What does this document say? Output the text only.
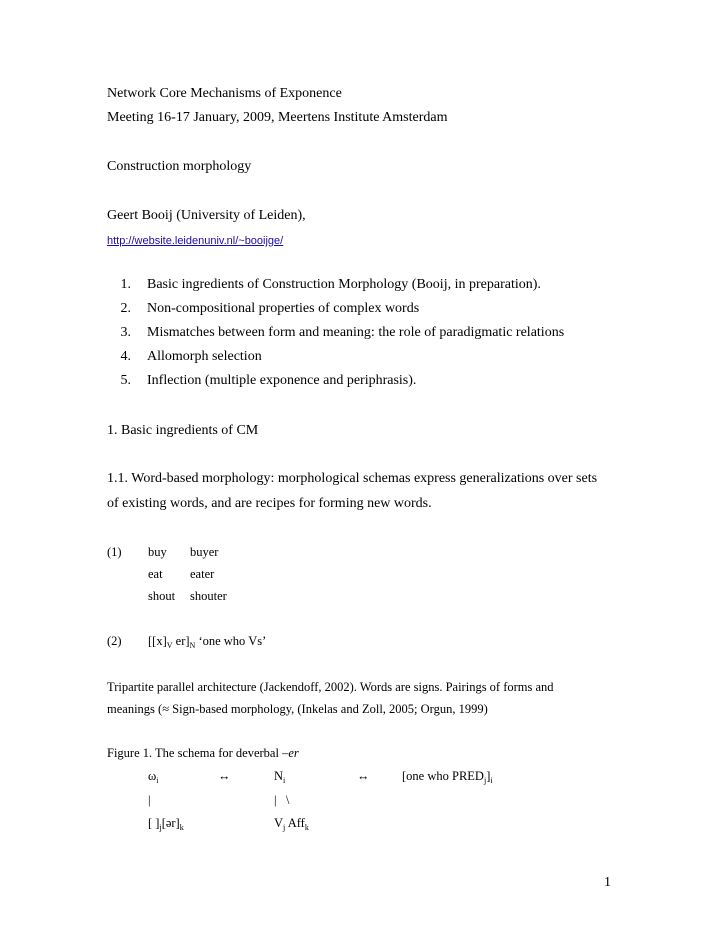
Network Core Mechanisms of Exponence
Meeting 16-17 January, 2009, Meertens Institute Amsterdam
Construction morphology
Geert Booij (University of Leiden),
http://website.leidenuniv.nl/~booijge/
1. Basic ingredients of Construction Morphology (Booij, in preparation).
2. Non-compositional properties of complex words
3. Mismatches between form and meaning: the role of paradigmatic relations
4. Allomorph selection
5. Inflection (multiple exponence and periphrasis).
1. Basic ingredients of CM
1.1. Word-based morphology: morphological schemas express generalizations over sets
of existing words, and are recipes for forming new words.
(1) buy buyer
eat eater
shout shouter
(2) [$[x]_V$ $er]_N$ ‘one who Vs’
Tripartite parallel architecture (Jackendoff, 2002). Words are signs. Pairings of forms and
meanings (≈ Sign-based morphology, (Inkelas and Zoll, 2005; Orgun, 1999)
Figure 1. The schema for deverbal –er
$\omega_i$	↔	$N_i$	↔	[one who $PRED_j]_i$
|	| \
[ ]$_j[ər]_k$	$V_j$ Aff$_k$
1
